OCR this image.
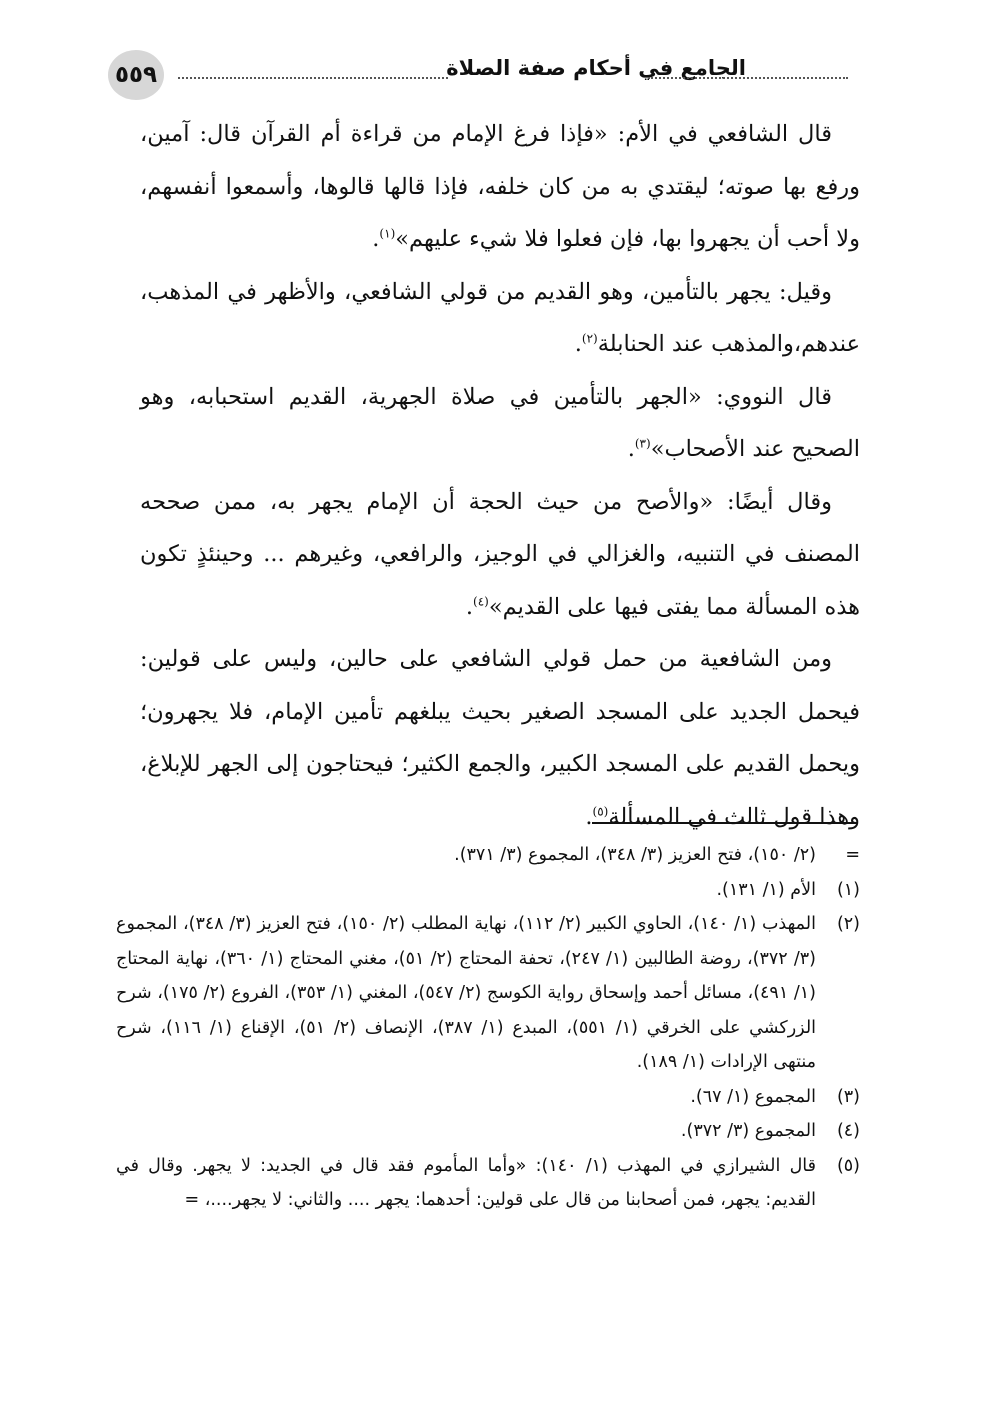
٥٥٩	الجامع في أحكام صفة الصلاة

قال الشافعي في الأم: «فإذا فرغ الإمام من قراءة أم القرآن قال: آمين، ورفع بها صوته؛ ليقتدي به من كان خلفه، فإذا قالها قالوها، وأسمعوا أنفسهم، ولا أحب أن يجهروا بها، فإن فعلوا فلا شيء عليهم»$^{(١)}$.

وقيل: يجهر بالتأمين، وهو القديم من قولي الشافعي، والأظهر في المذهب، عندهم،والمذهب عند الحنابلة$^{(٢)}$.

قال النووي: «الجهر بالتأمين في صلاة الجهرية، القديم استحبابه، وهو الصحيح عند الأصحاب»$^{(٣)}$.

وقال أيضًا: «والأصح من حيث الحجة أن الإمام يجهر به، ممن صححه المصنف في التنبيه، والغزالي في الوجيز، والرافعي، وغيرهم ... وحينئذٍ تكون هذه المسألة مما يفتى فيها على القديم»$^{(٤)}$.

ومن الشافعية من حمل قولي الشافعي على حالين، وليس على قولين: فيحمل الجديد على المسجد الصغير بحيث يبلغهم تأمين الإمام، فلا يجهرون؛ ويحمل القديم على المسجد الكبير، والجمع الكثير؛ فيحتاجون إلى الجهر للإبلاغ، وهذا قول ثالث في المسألة$^{(٥)}$.

=
(٢/ ١٥٠)، فتح العزيز (٣/ ٣٤٨)، المجموع (٣/ ٣٧١).
(١)
الأم (١/ ١٣١).
(٢)
المهذب (١/ ١٤٠)، الحاوي الكبير (٢/ ١١٢)، نهاية المطلب (٢/ ١٥٠)، فتح العزيز (٣/ ٣٤٨)، المجموع (٣/ ٣٧٢)، روضة الطالبين (١/ ٢٤٧)، تحفة المحتاج (٢/ ٥١)، مغني المحتاج (١/ ٣٦٠)، نهاية المحتاج (١/ ٤٩١)، مسائل أحمد وإسحاق رواية الكوسج (٢/ ٥٤٧)، المغني (١/ ٣٥٣)، الفروع (٢/ ١٧٥)، شرح الزركشي على الخرقي (١/ ٥٥١)، المبدع (١/ ٣٨٧)، الإنصاف (٢/ ٥١)، الإقناع (١/ ١١٦)، شرح منتهى الإرادات (١/ ١٨٩).
(٣)
المجموع (١/ ٦٧).
(٤)
المجموع (٣/ ٣٧٢).
(٥)
قال الشيرازي في المهذب (١/ ١٤٠): «وأما المأموم فقد قال في الجديد: لا يجهر. وقال في القديم: يجهر، فمن أصحابنا من قال على قولين: أحدهما: يجهر .... والثاني: لا يجهر....، =
